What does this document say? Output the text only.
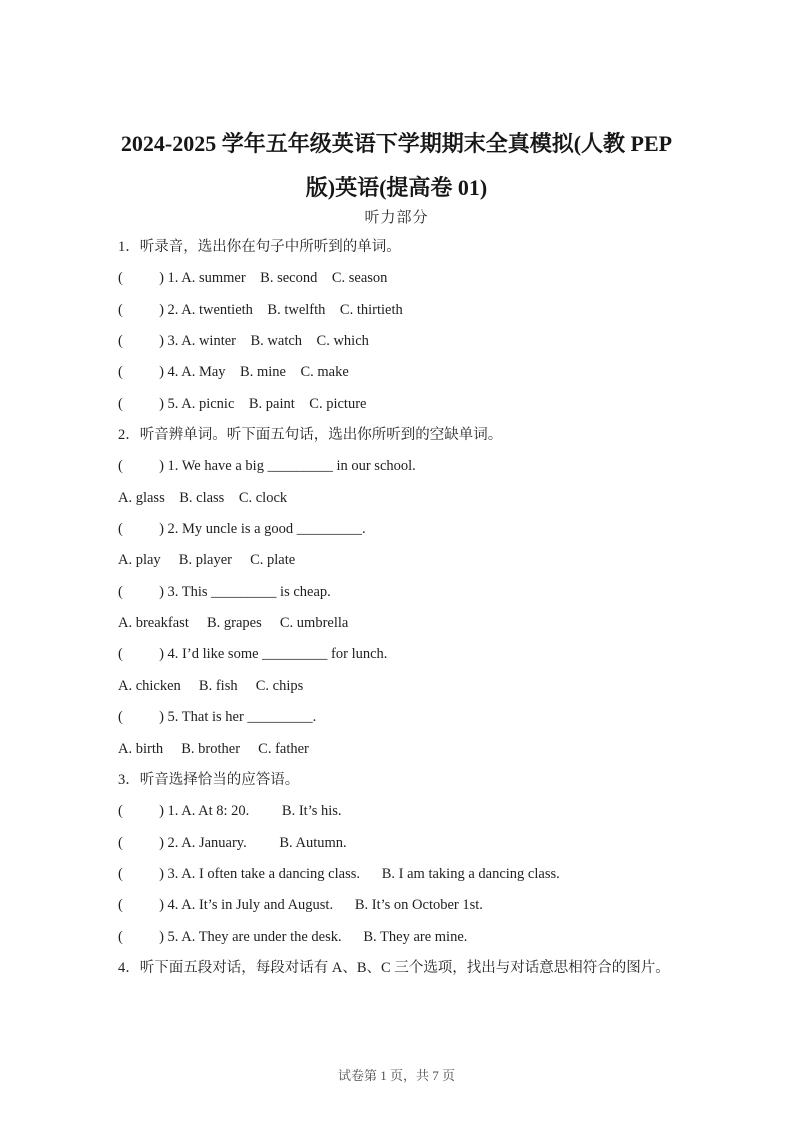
2024-2025 学年五年级英语下学期期末全真模拟(人教 PEP
版)英语(提高卷 01)
听力部分
1．听录音，选出你在句子中所听到的单词。
(          ) 1. A. summer    B. second    C. season
(          ) 2. A. twentieth    B. twelfth    C. thirtieth
(          ) 3. A. winter    B. watch    C. which
(          ) 4. A. May    B. mine    C. make
(          ) 5. A. picnic    B. paint    C. picture
2．听音辨单词。听下面五句话，选出你所听到的空缺单词。
(          ) 1. We have a big _________ in our school.
A. glass    B. class    C. clock
(          ) 2. My uncle is a good _________.
A. play     B. player     C. plate
(          ) 3. This _________ is cheap.
A. breakfast     B. grapes     C. umbrella
(          ) 4. I’d like some _________ for lunch.
A. chicken     B. fish     C. chips
(          ) 5. That is her _________.
A. birth     B. brother     C. father
3．听音选择恰当的应答语。
(          ) 1. A. At 8: 20.         B. It’s his.
(          ) 2. A. January.         B. Autumn.
(          ) 3. A. I often take a dancing class.      B. I am taking a dancing class.
(          ) 4. A. It’s in July and August.      B. It’s on October 1st.
(          ) 5. A. They are under the desk.      B. They are mine.
4．听下面五段对话，每段对话有 A、B、C 三个选项，找出与对话意思相符合的图片。
试卷第 1 页，共 7 页
